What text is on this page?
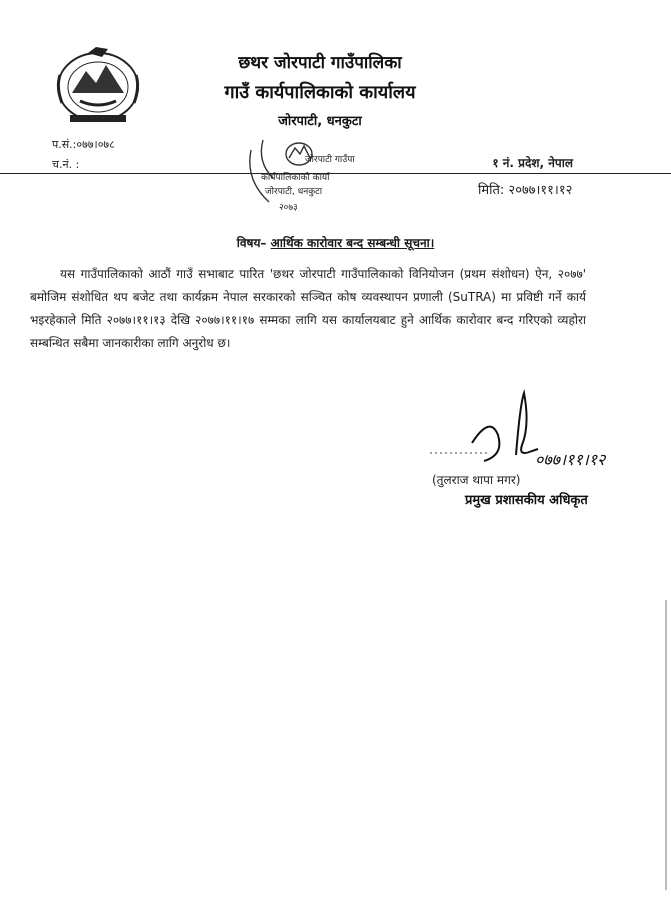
छथर जोरपाटी गाउँपालिका
गाउँ कार्यपालिकाको कार्यालय
जोरपाटी, धनकुटा
प.सं.:०७७।०७८
च.नं. :	१ नं. प्रदेश, नेपाल
जोरपाटी गाउँपा
कार्यपालिकाको कार्या
जोरपाटी, धनकुटा
२०७३
मिति: २०७७।११।१२
विषय– आर्थिक कारोवार बन्द सम्बन्धी सूचना।
यस गाउँपालिकाको आठौं गाउँ सभाबाट पारित 'छथर जोरपाटी गाउँपालिकाको विनियोजन (प्रथम संशोधन) ऐन, २०७७' बमोजिम संशोधित थप बजेट तथा कार्यक्रम नेपाल सरकारको सञ्चित कोष व्यवस्थापन प्रणाली (SuTRA) मा प्रविष्टी गर्ने कार्य भइरहेकाले मिति २०७७।११।१३ देखि २०७७।११।१७ सम्मका लागि यस कार्यालयबाट हुने आर्थिक कारोवार बन्द गरिएको व्यहोरा सम्बन्धित सबैमा जानकारीका लागि अनुरोध छ।
०७७।११।१२
(तुलराज थापा मगर)
प्रमुख प्रशासकीय अधिकृत
